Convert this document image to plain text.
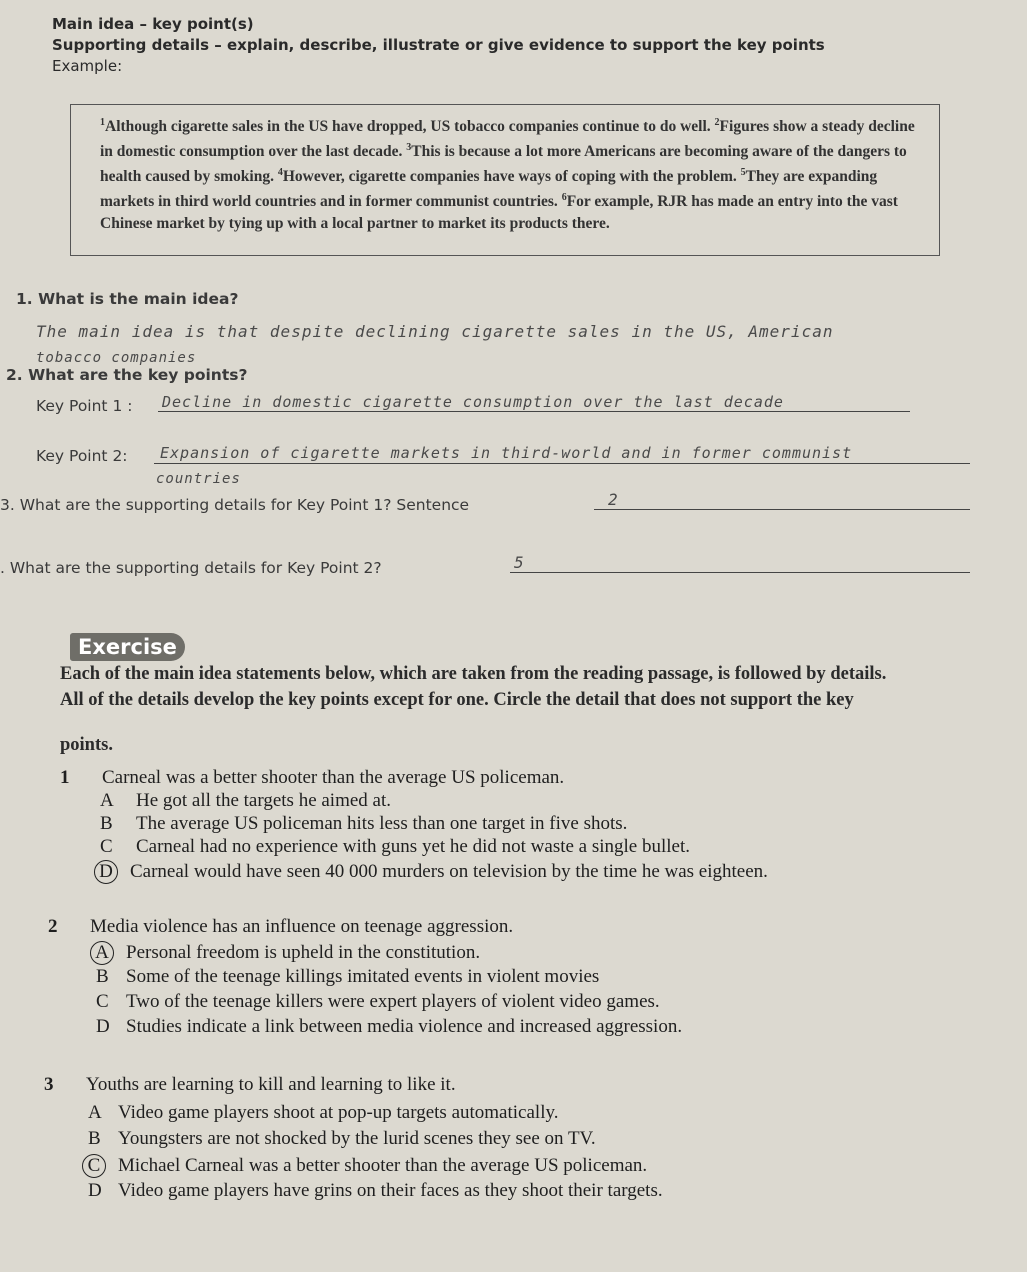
Main idea – key point(s)
Supporting details – explain, describe, illustrate or give evidence to support the key points
Example:
$^1$Although cigarette sales in the US have dropped, US tobacco companies continue to do well. $^2$Figures show a steady decline in domestic consumption over the last decade. $^3$This is because a lot more Americans are becoming aware of the dangers to health caused by smoking. $^4$However, cigarette companies have ways of coping with the problem. $^5$They are expanding markets in third world countries and in former communist countries. $^6$For example, RJR has made an entry into the vast Chinese market by tying up with a local partner to market its products there.
1. What is the main idea?
The main idea is that despite declining cigarette sales in the US, American
tobacco companies
2. What are the key points?
Key Point 1 : Decline in domestic cigarette consumption over the last decade
Key Point 2: Expansion of cigarette markets in third-world and in former communist
countries
3. What are the supporting details for Key Point 1? Sentence	2
. What are the supporting details for Key Point 2?	5
Exercise
Each of the main idea statements below, which are taken from the reading passage, is followed by details.
All of the details develop the key points except for one. Circle the detail that does not support the key
points.
1 Carneal was a better shooter than the average US policeman.
A He got all the targets he aimed at.
B The average US policeman hits less than one target in five shots.
C Carneal had no experience with guns yet he did not waste a single bullet.
D Carneal would have seen 40 000 murders on television by the time he was eighteen.
2 Media violence has an influence on teenage aggression.
A Personal freedom is upheld in the constitution.
B Some of the teenage killings imitated events in violent movies
C Two of the teenage killers were expert players of violent video games.
D Studies indicate a link between media violence and increased aggression.
3 Youths are learning to kill and learning to like it.
A Video game players shoot at pop-up targets automatically.
B Youngsters are not shocked by the lurid scenes they see on TV.
C Michael Carneal was a better shooter than the average US policeman.
D Video game players have grins on their faces as they shoot their targets.
